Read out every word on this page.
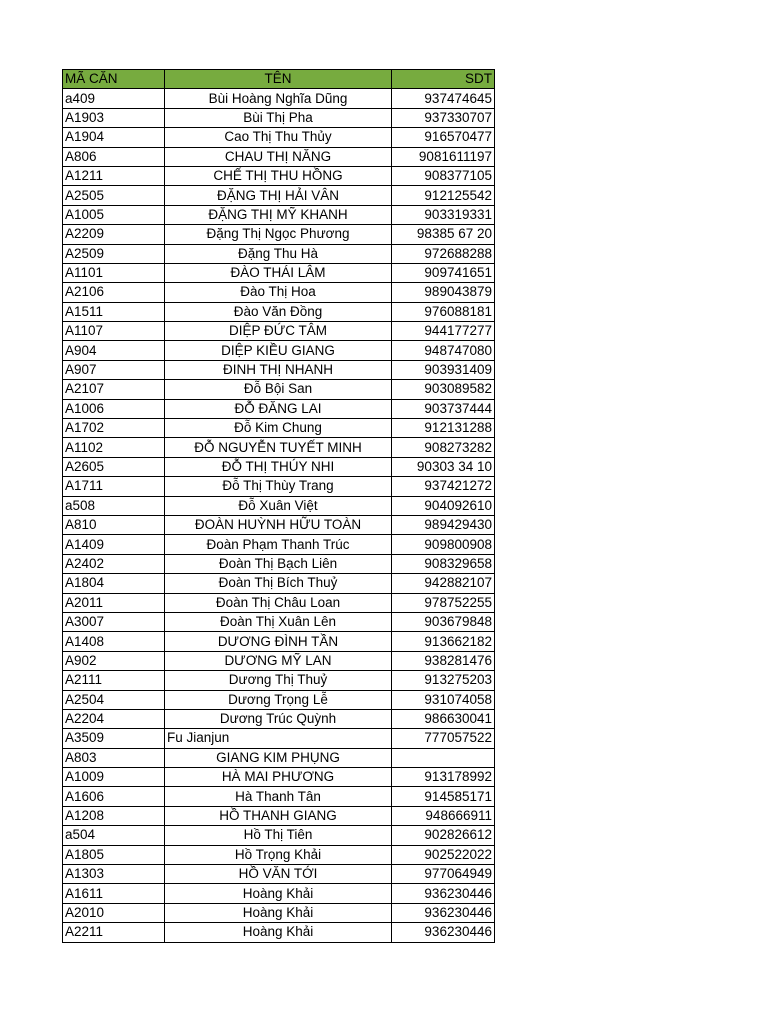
MÃ CĂN	TÊN	SDT
a409	Bùi Hoàng Nghĩa Dũng	937474645
A1903	Bùi Thị Pha	937330707
A1904	Cao Thị Thu Thủy	916570477
A806	CHAU THỊ NĂNG	9081611197
A1211	CHẾ THỊ THU HỒNG	908377105
A2505	ĐẶNG THỊ HẢI VÂN	912125542
A1005	ĐẶNG THỊ MỸ KHANH	903319331
A2209	Đặng Thị Ngọc Phương	98385 67 20
A2509	Đặng Thu Hà	972688288
A1101	ĐÀO THÁI LÂM	909741651
A2106	Đào Thị Hoa	989043879
A1511	Đào Văn Đồng	976088181
A1107	DIỆP ĐỨC TÂM	944177277
A904	DIỆP KIỀU GIANG	948747080
A907	ĐINH THỊ NHANH	903931409
A2107	Đỗ Bội San	903089582
A1006	ĐỖ ĐĂNG LAI	903737444
A1702	Đỗ Kim Chung	912131288
A1102	ĐỖ NGUYỄN TUYẾT MINH	908273282
A2605	ĐỖ THỊ THÚY NHI	90303 34 10
A1711	Đỗ Thị Thùy Trang	937421272
a508	Đỗ Xuân Việt	904092610
A810	ĐOÀN HUỲNH HỮU TOÀN	989429430
A1409	Đoàn Phạm Thanh Trúc	909800908
A2402	Đoàn Thị Bạch Liên	908329658
A1804	Đoàn Thị Bích Thuỷ	942882107
A2011	Đoàn Thị Châu Loan	978752255
A3007	Đoàn Thị Xuân Lên	903679848
A1408	DƯƠNG ĐÌNH TẦN	913662182
A902	DƯƠNG MỸ LAN	938281476
A2111	Dương Thị Thuỷ	913275203
A2504	Dương Trọng Lễ	931074058
A2204	Dương Trúc Quỳnh	986630041
A3509	Fu Jianjun	777057522
A803	GIANG KIM PHỤNG	
A1009	HÀ MAI PHƯƠNG	913178992
A1606	Hà Thanh Tân	914585171
A1208	HỒ THANH GIANG	948666911
a504	Hồ Thị Tiên	902826612
A1805	Hồ Trọng Khải	902522022
A1303	HỒ VĂN TỚI	977064949
A1611	Hoàng Khải	936230446
A2010	Hoàng Khải	936230446
A2211	Hoàng Khải	936230446
